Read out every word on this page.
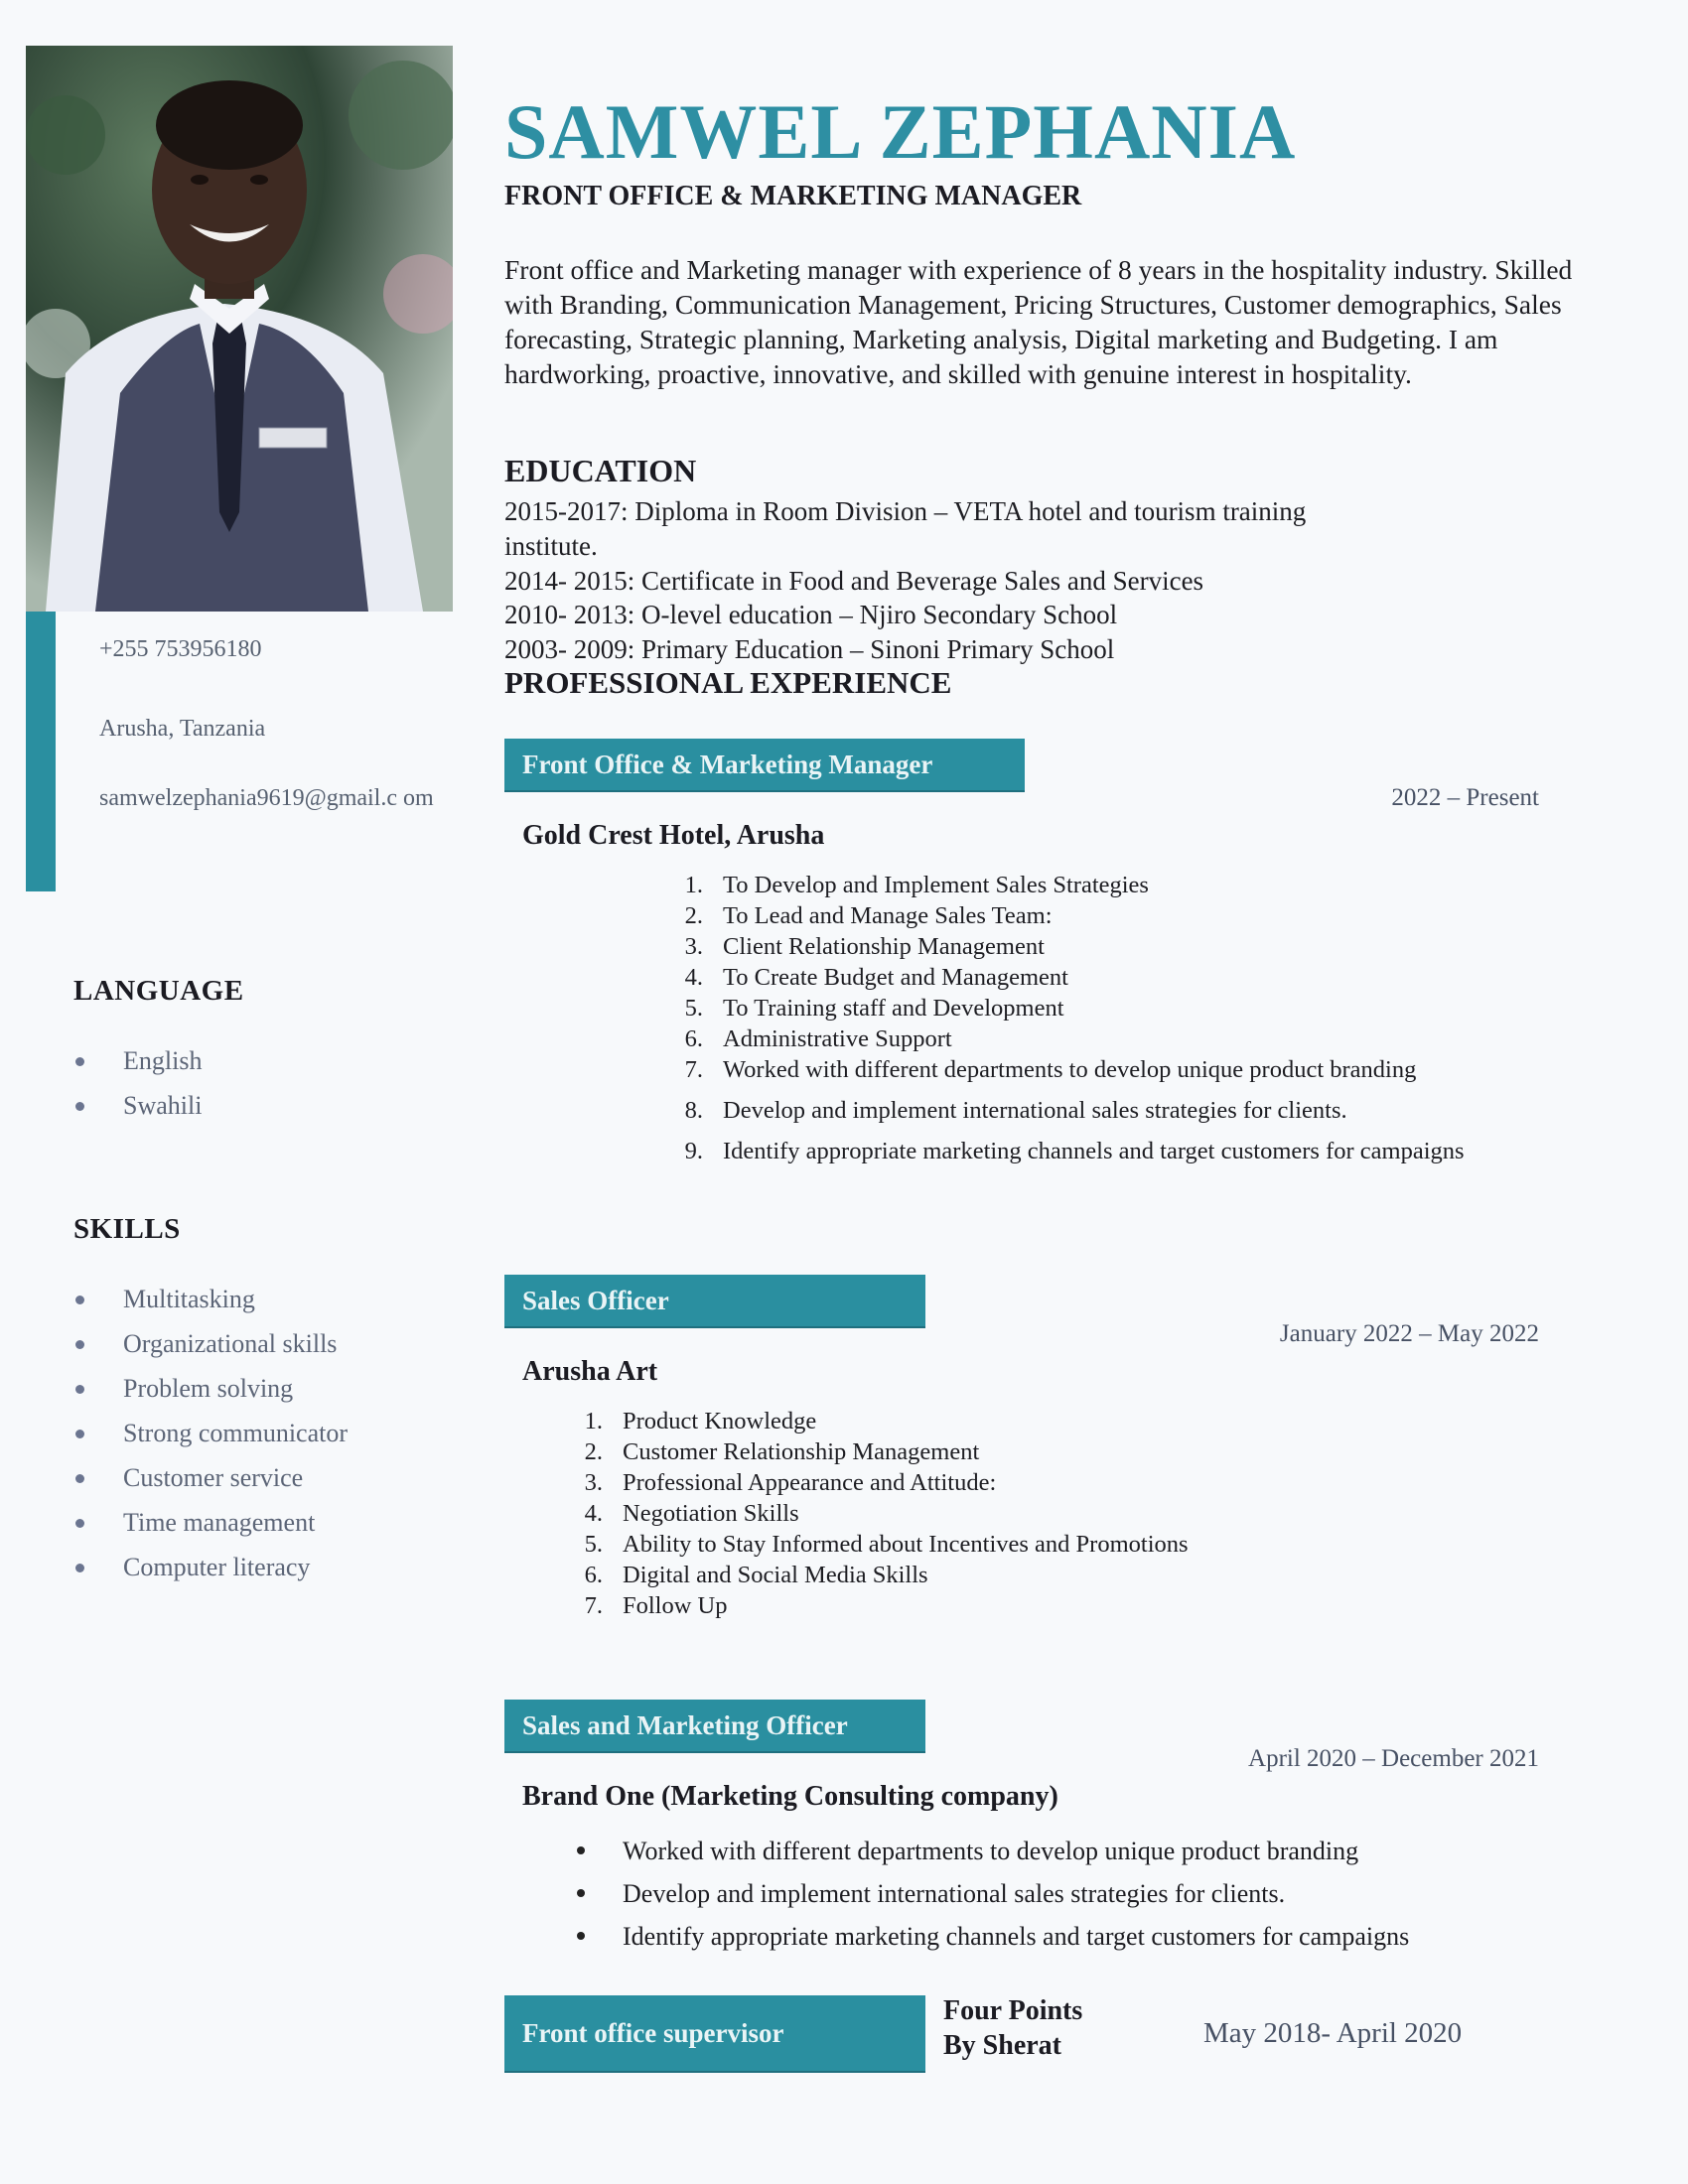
+255 753956180
Arusha, Tanzania
samwelzephania9619@gmail.c om
LANGUAGE
English
Swahili
SKILLS
Multitasking
Organizational skills
Problem solving
Strong communicator
Customer service
Time management
Computer literacy
SAMWEL ZEPHANIA
FRONT OFFICE & MARKETING MANAGER
Front office and Marketing manager with experience of 8 years in the hospitality industry. Skilled with Branding, Communication Management, Pricing Structures, Customer demographics, Sales forecasting, Strategic planning, Marketing analysis, Digital marketing and Budgeting. I am hardworking, proactive, innovative, and skilled with genuine interest in hospitality.
EDUCATION
2015-2017: Diploma in Room Division – VETA hotel and tourism training
institute.
2014- 2015: Certificate in Food and Beverage Sales and Services
2010- 2013: O-level education – Njiro Secondary School
2003- 2009: Primary Education – Sinoni Primary School
PROFESSIONAL EXPERIENCE
Front Office & Marketing Manager
2022 – Present
Gold Crest Hotel, Arusha
1. To Develop and Implement Sales Strategies
2. To Lead and Manage Sales Team:
3. Client Relationship Management
4. To Create Budget and Management
5. To Training staff and Development
6. Administrative Support
7. Worked with different departments to develop unique product branding
8. Develop and implement international sales strategies for clients.
9. Identify appropriate marketing channels and target customers for campaigns
Sales Officer
January 2022 – May 2022
Arusha Art
1. Product Knowledge
2. Customer Relationship Management
3. Professional Appearance and Attitude:
4. Negotiation Skills
5. Ability to Stay Informed about Incentives and Promotions
6. Digital and Social Media Skills
7. Follow Up
Sales and Marketing Officer
April 2020 – December 2021
Brand One (Marketing Consulting company)
Worked with different departments to develop unique product branding
Develop and implement international sales strategies for clients.
Identify appropriate marketing channels and target customers for campaigns
Front office supervisor
Four Points
By Sherat	May 2018- April 2020
